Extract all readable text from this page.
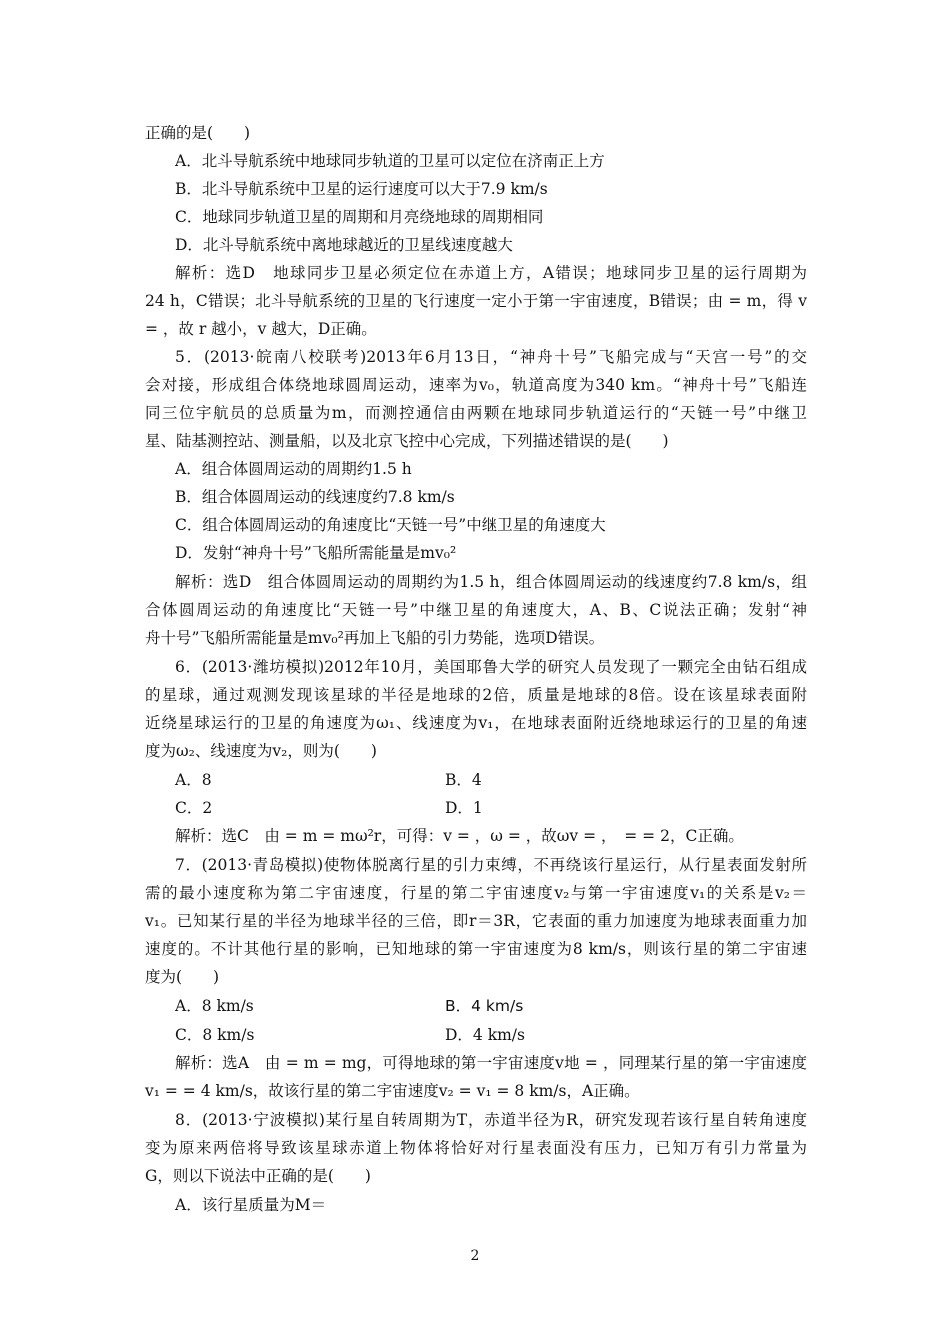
正确的是(　　)
A．北斗导航系统中地球同步轨道的卫星可以定位在济南正上方
B．北斗导航系统中卫星的运行速度可以大于7.9 km/s
C．地球同步轨道卫星的周期和月亮绕地球的周期相同
D．北斗导航系统中离地球越近的卫星线速度越大
解析：选D　地球同步卫星必须定位在赤道上方，A错误；地球同步卫星的运行周期为
24 h，C错误；北斗导航系统的卫星的飞行速度一定小于第一宇宙速度，B错误；由 = m，得 v
= ，故 r 越小，v 越大，D正确。
5．(2013·皖南八校联考)2013年6月13日，“神舟十号”飞船完成与“天宫一号”的交
会对接，形成组合体绕地球圆周运动，速率为v₀，轨道高度为340 km。“神舟十号”飞船连
同三位宇航员的总质量为m，而测控通信由两颗在地球同步轨道运行的“天链一号”中继卫
星、陆基测控站、测量船，以及北京飞控中心完成，下列描述错误的是(　　)
A．组合体圆周运动的周期约1.5 h
B．组合体圆周运动的线速度约7.8 km/s
C．组合体圆周运动的角速度比“天链一号”中继卫星的角速度大
D．发射“神舟十号”飞船所需能量是mv₀²
解析：选D　组合体圆周运动的周期约为1.5 h，组合体圆周运动的线速度约7.8 km/s，组
合体圆周运动的角速度比“天链一号”中继卫星的角速度大，A、B、C说法正确；发射“神
舟十号”飞船所需能量是mv₀²再加上飞船的引力势能，选项D错误。
6．(2013·潍坊模拟)2012年10月，美国耶鲁大学的研究人员发现了一颗完全由钻石组成
的星球，通过观测发现该星球的半径是地球的2倍，质量是地球的8倍。设在该星球表面附
近绕星球运行的卫星的角速度为ω₁、线速度为v₁，在地球表面附近绕地球运行的卫星的角速
度为ω₂、线速度为v₂，则为(　　)
A．8	B．4
C．2	D．1
解析：选C　由 = m = mω²r，可得：v = ，ω = ，故ωv = ，　= = 2，C正确。
7．(2013·青岛模拟)使物体脱离行星的引力束缚，不再绕该行星运行，从行星表面发射所
需的最小速度称为第二宇宙速度，行星的第二宇宙速度v₂与第一宇宙速度v₁的关系是v₂＝
v₁。已知某行星的半径为地球半径的三倍，即r＝3R，它表面的重力加速度为地球表面重力加
速度的。不计其他行星的影响，已知地球的第一宇宙速度为8 km/s，则该行星的第二宇宙速
度为(　　)
A．8 km/s	B．4 km/s
C．8 km/s	D．4 km/s
解析：选A　由 = m = mg，可得地球的第一宇宙速度v地 = ，同理某行星的第一宇宙速度
v₁ = = 4 km/s，故该行星的第二宇宙速度v₂ = v₁ = 8 km/s，A正确。
8．(2013·宁波模拟)某行星自转周期为T，赤道半径为R，研究发现若该行星自转角速度
变为原来两倍将导致该星球赤道上物体将恰好对行星表面没有压力，已知万有引力常量为
G，则以下说法中正确的是(　　)
A．该行星质量为M＝
2
